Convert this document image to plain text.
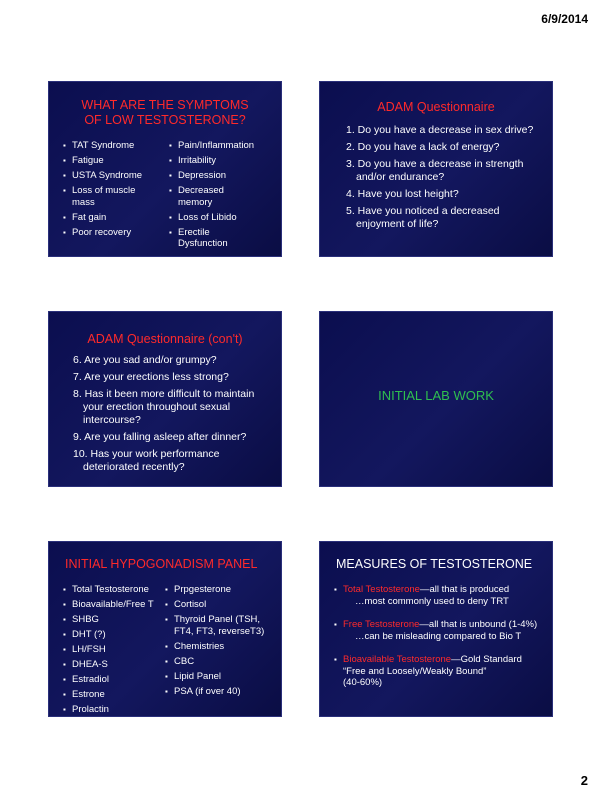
6/9/2014
WHAT ARE THE SYMPTOMS
OF LOW TESTOSTERONE?
▪ TAT Syndrome
▪ Fatigue
▪ USTA Syndrome
▪ Loss of muscle mass
▪ Fat gain
▪ Poor recovery
▪ Pain/Inflammation
▪ Irritability
▪ Depression
▪ Decreased memory
▪ Loss of Libido
▪ Erectile Dysfunction
ADAM Questionnaire
1. Do you have a decrease in sex drive?
2. Do you have a lack of energy?
3. Do you have a decrease in strength and/or endurance?
4. Have you lost height?
5. Have you noticed a decreased enjoyment of life?
ADAM Questionnaire (con't)
6. Are you sad and/or grumpy?
7. Are your erections less strong?
8. Has it been more difficult to maintain your erection throughout sexual intercourse?
9. Are you falling asleep after dinner?
10. Has your work performance deteriorated recently?
INITIAL LAB WORK
INITIAL HYPOGONADISM PANEL
▪ Total Testosterone
▪ Bioavailable/Free T
▪ SHBG
▪ DHT (?)
▪ LH/FSH
▪ DHEA-S
▪ Estradiol
▪ Estrone
▪ Prolactin
▪ Prpgesterone
▪ Cortisol
▪ Thyroid Panel (TSH, FT4, FT3, reverseT3)
▪ Chemistries
▪ CBC
▪ Lipid Panel
▪ PSA (if over 40)
MEASURES OF TESTOSTERONE
▪ Total Testosterone—all that is produced
…most commonly used to deny TRT
▪ Free Testosterone—all that is unbound (1-4%)
…can be misleading compared to Bio T
▪ Bioavailable Testosterone—Gold Standard “Free and Loosely/Weakly Bound”
(40-60%)
2
